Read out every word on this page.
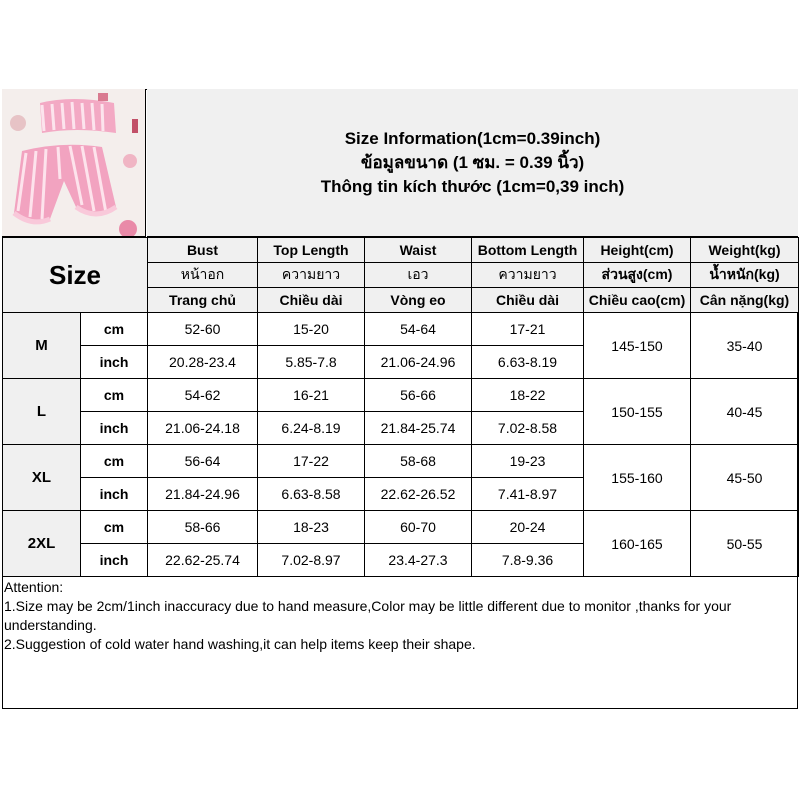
Size Information(1cm=0.39inch)
ข้อมูลขนาด (1 ซม. = 0.39 นิ้ว)
Thông tin kích thước (1cm=0,39 inch)
Size		Bust	Top Length	Waist	Bottom Length	Height(cm)	Weight(kg)
		หน้าอก	ความยาว	เอว	ความยาว	ส่วนสูง(cm)	น้ำหนัก(kg)
		Trang chủ	Chiều dài	Vòng eo	Chiều dài	Chiều cao(cm)	Cân nặng(kg)
M	cm	52-60	15-20	54-64	17-21	145-150	35-40
	inch	20.28-23.4	5.85-7.8	21.06-24.96	6.63-8.19		
L	cm	54-62	16-21	56-66	18-22	150-155	40-45
	inch	21.06-24.18	6.24-8.19	21.84-25.74	7.02-8.58		
XL	cm	56-64	17-22	58-68	19-23	155-160	45-50
	inch	21.84-24.96	6.63-8.58	22.62-26.52	7.41-8.97		
2XL	cm	58-66	18-23	60-70	20-24	160-165	50-55
	inch	22.62-25.74	7.02-8.97	23.4-27.3	7.8-9.36		
Attention:
1.Size may be 2cm/1inch inaccuracy due to hand measure,Color may be little different due to monitor ,thanks for your understanding.
2.Suggestion of cold water hand washing,it can help items keep their shape.
